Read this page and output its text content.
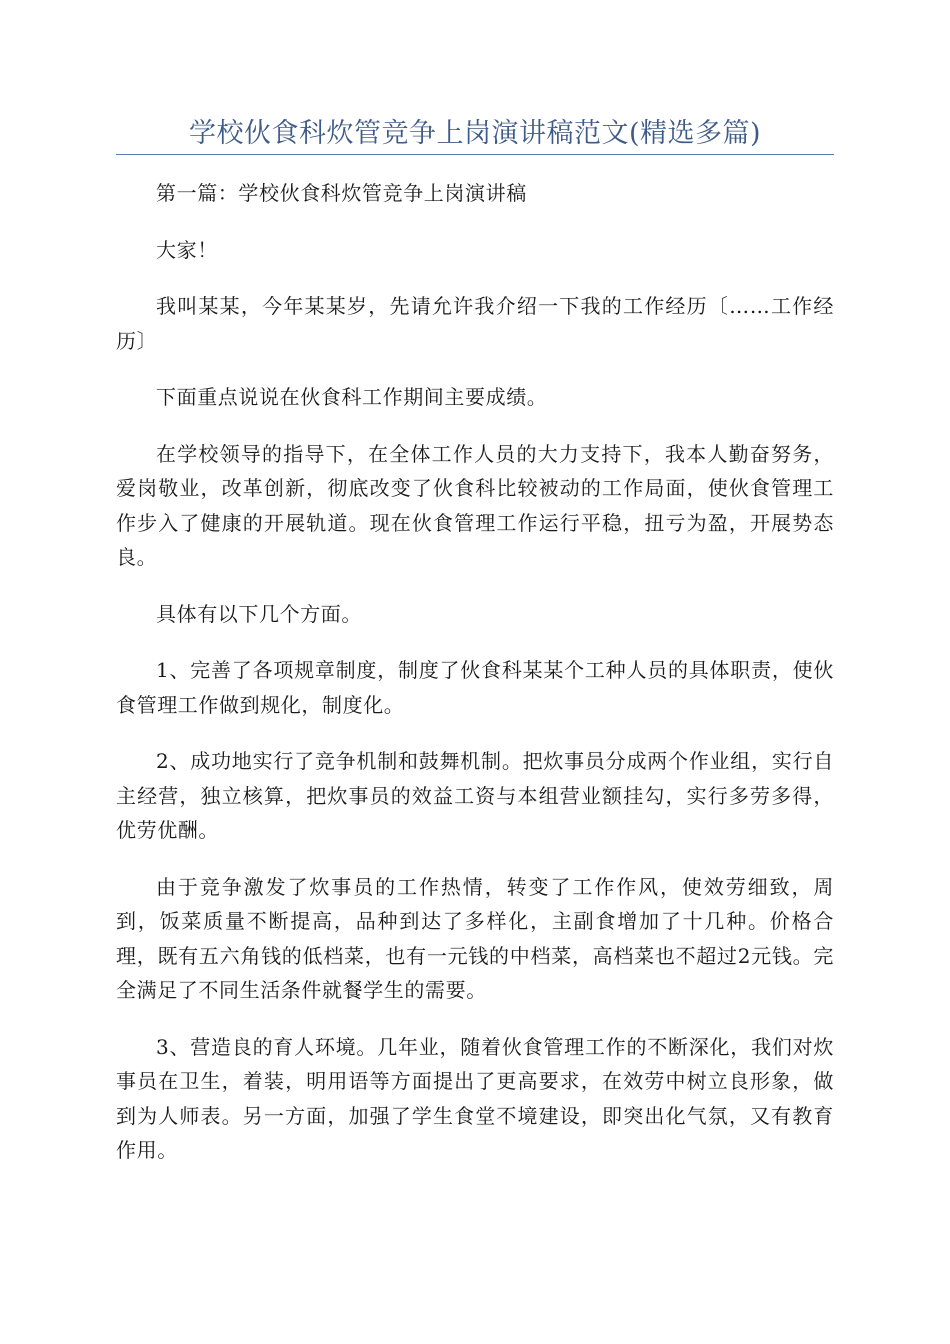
学校伙食科炊管竞争上岗演讲稿范文(精选多篇)

第一篇：学校伙食科炊管竞争上岗演讲稿

大家！

我叫某某，今年某某岁，先请允许我介绍一下我的工作经历〔……工作经历〕

下面重点说说在伙食科工作期间主要成绩。

在学校领导的指导下，在全体工作人员的大力支持下，我本人勤奋努务，爱岗敬业，改革创新，彻底改变了伙食科比较被动的工作局面，使伙食管理工作步入了健康的开展轨道。现在伙食管理工作运行平稳，扭亏为盈，开展势态良。

具体有以下几个方面。

1、完善了各项规章制度，制度了伙食科某某个工种人员的具体职责，使伙食管理工作做到规化，制度化。

2、成功地实行了竞争机制和鼓舞机制。把炊事员分成两个作业组，实行自主经营，独立核算，把炊事员的效益工资与本组营业额挂勾，实行多劳多得，优劳优酬。

由于竞争激发了炊事员的工作热情，转变了工作作风，使效劳细致，周到，饭菜质量不断提高，品种到达了多样化，主副食增加了十几种。价格合理，既有五六角钱的低档菜，也有一元钱的中档菜，高档菜也不超过2元钱。完全满足了不同生活条件就餐学生的需要。

3、营造良的育人环境。几年业，随着伙食管理工作的不断深化，我们对炊事员在卫生，着装，明用语等方面提出了更高要求，在效劳中树立良形象，做到为人师表。另一方面，加强了学生食堂不境建设，即突出化气氛，又有教育作用。
